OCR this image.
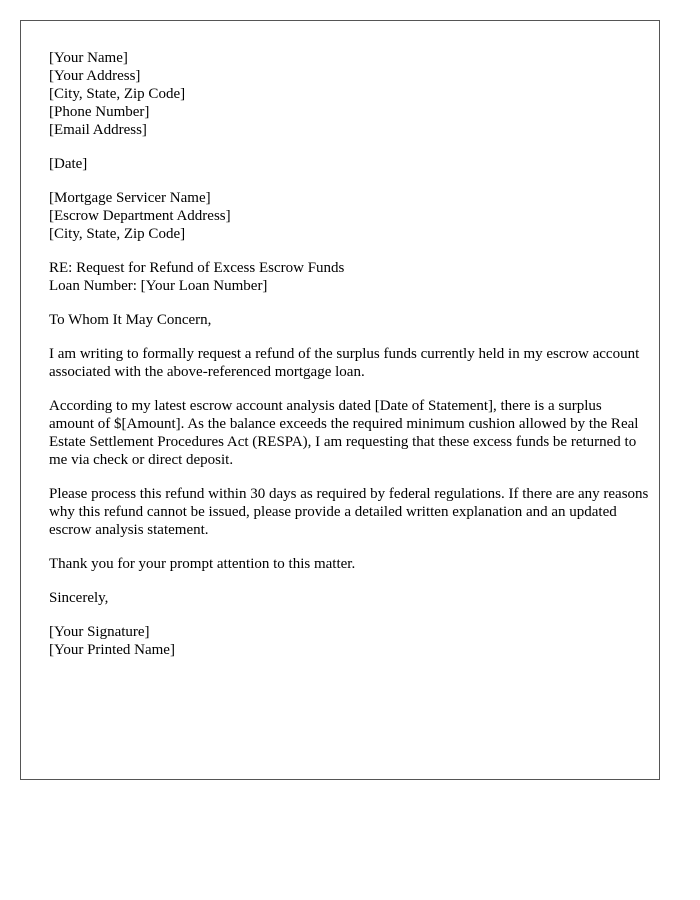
[Your Name]
[Your Address]
[City, State, Zip Code]
[Phone Number]
[Email Address]
[Date]
[Mortgage Servicer Name]
[Escrow Department Address]
[City, State, Zip Code]
RE: Request for Refund of Excess Escrow Funds
Loan Number: [Your Loan Number]

To Whom It May Concern,

I am writing to formally request a refund of the surplus funds currently held in my escrow account associated with the above-referenced mortgage loan.

According to my latest escrow account analysis dated [Date of Statement], there is a surplus amount of $[Amount]. As the balance exceeds the required minimum cushion allowed by the Real Estate Settlement Procedures Act (RESPA), I am requesting that these excess funds be returned to me via check or direct deposit.

Please process this refund within 30 days as required by federal regulations. If there are any reasons why this refund cannot be issued, please provide a detailed written explanation and an updated escrow analysis statement.

Thank you for your prompt attention to this matter.

Sincerely,

[Your Signature]
[Your Printed Name]
